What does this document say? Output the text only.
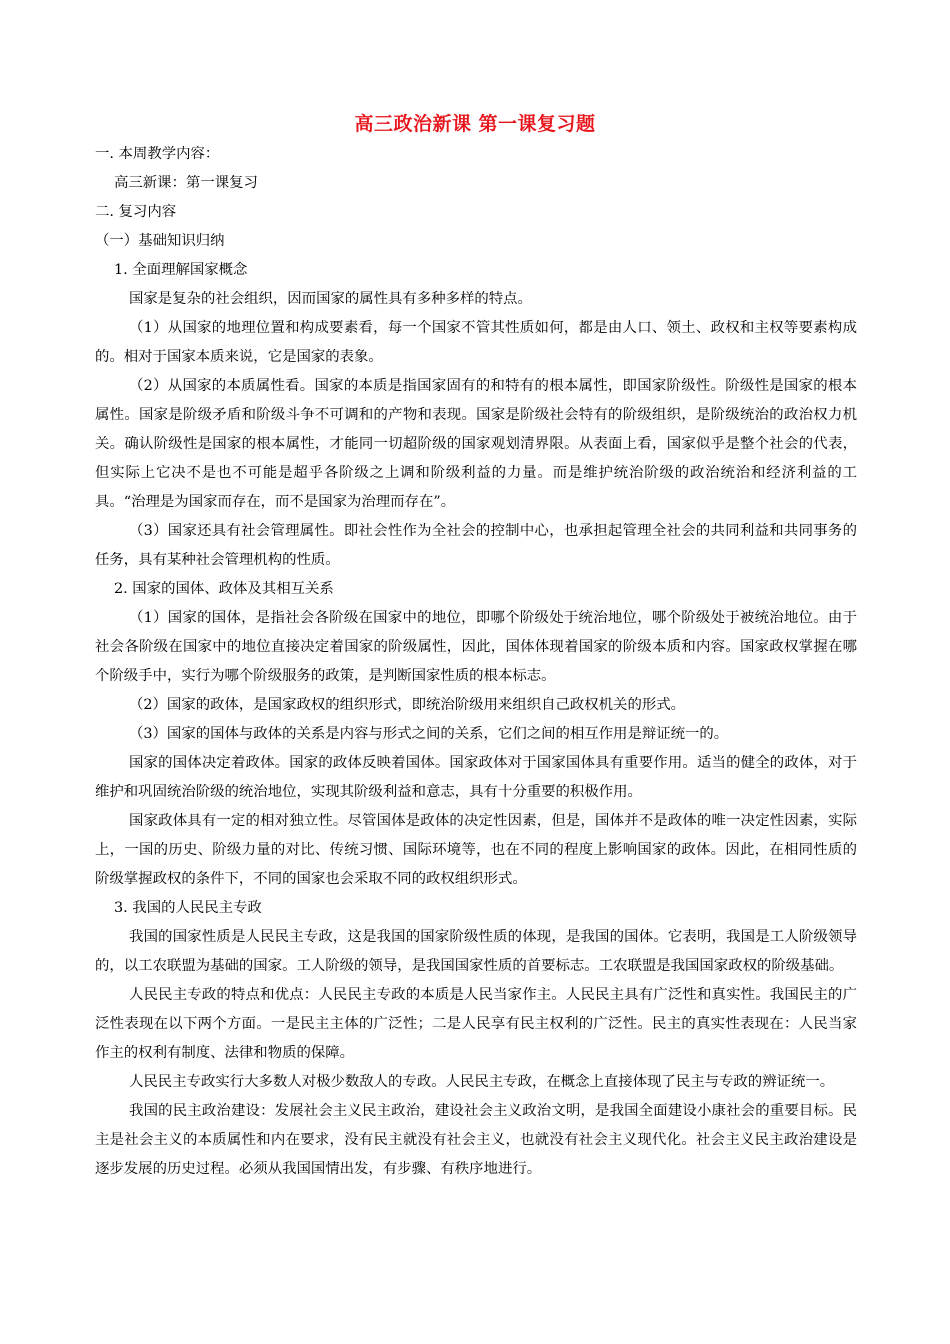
高三政治新课 第一课复习题

一. 本周教学内容：

高三新课：第一课复习

二. 复习内容

（一）基础知识归纳

1. 全面理解国家概念

国家是复杂的社会组织，因而国家的属性具有多种多样的特点。

（1）从国家的地理位置和构成要素看，每一个国家不管其性质如何，都是由人口、领土、政权和主权等要素构成的。相对于国家本质来说，它是国家的表象。

（2）从国家的本质属性看。国家的本质是指国家固有的和特有的根本属性，即国家阶级性。阶级性是国家的根本属性。国家是阶级矛盾和阶级斗争不可调和的产物和表现。国家是阶级社会特有的阶级组织，是阶级统治的政治权力机关。确认阶级性是国家的根本属性，才能同一切超阶级的国家观划清界限。从表面上看，国家似乎是整个社会的代表，但实际上它决不是也不可能是超乎各阶级之上调和阶级利益的力量。而是维护统治阶级的政治统治和经济利益的工具。“治理是为国家而存在，而不是国家为治理而存在”。

（3）国家还具有社会管理属性。即社会性作为全社会的控制中心，也承担起管理全社会的共同利益和共同事务的任务，具有某种社会管理机构的性质。

2. 国家的国体、政体及其相互关系

（1）国家的国体，是指社会各阶级在国家中的地位，即哪个阶级处于统治地位，哪个阶级处于被统治地位。由于社会各阶级在国家中的地位直接决定着国家的阶级属性，因此，国体体现着国家的阶级本质和内容。国家政权掌握在哪个阶级手中，实行为哪个阶级服务的政策，是判断国家性质的根本标志。

（2）国家的政体，是国家政权的组织形式，即统治阶级用来组织自己政权机关的形式。

（3）国家的国体与政体的关系是内容与形式之间的关系，它们之间的相互作用是辩证统一的。

国家的国体决定着政体。国家的政体反映着国体。国家政体对于国家国体具有重要作用。适当的健全的政体，对于维护和巩固统治阶级的统治地位，实现其阶级利益和意志，具有十分重要的积极作用。

国家政体具有一定的相对独立性。尽管国体是政体的决定性因素，但是，国体并不是政体的唯一决定性因素，实际上，一国的历史、阶级力量的对比、传统习惯、国际环境等，也在不同的程度上影响国家的政体。因此，在相同性质的阶级掌握政权的条件下，不同的国家也会采取不同的政权组织形式。

3. 我国的人民民主专政

我国的国家性质是人民民主专政，这是我国的国家阶级性质的体现，是我国的国体。它表明，我国是工人阶级领导的，以工农联盟为基础的国家。工人阶级的领导，是我国国家性质的首要标志。工农联盟是我国国家政权的阶级基础。

人民民主专政的特点和优点：人民民主专政的本质是人民当家作主。人民民主具有广泛性和真实性。我国民主的广泛性表现在以下两个方面。一是民主主体的广泛性；二是人民享有民主权利的广泛性。民主的真实性表现在：人民当家作主的权利有制度、法律和物质的保障。

人民民主专政实行大多数人对极少数敌人的专政。人民民主专政，在概念上直接体现了民主与专政的辨证统一。

我国的民主政治建设：发展社会主义民主政治，建设社会主义政治文明，是我国全面建设小康社会的重要目标。民主是社会主义的本质属性和内在要求，没有民主就没有社会主义，也就没有社会主义现代化。社会主义民主政治建设是逐步发展的历史过程。必须从我国国情出发，有步骤、有秩序地进行。
